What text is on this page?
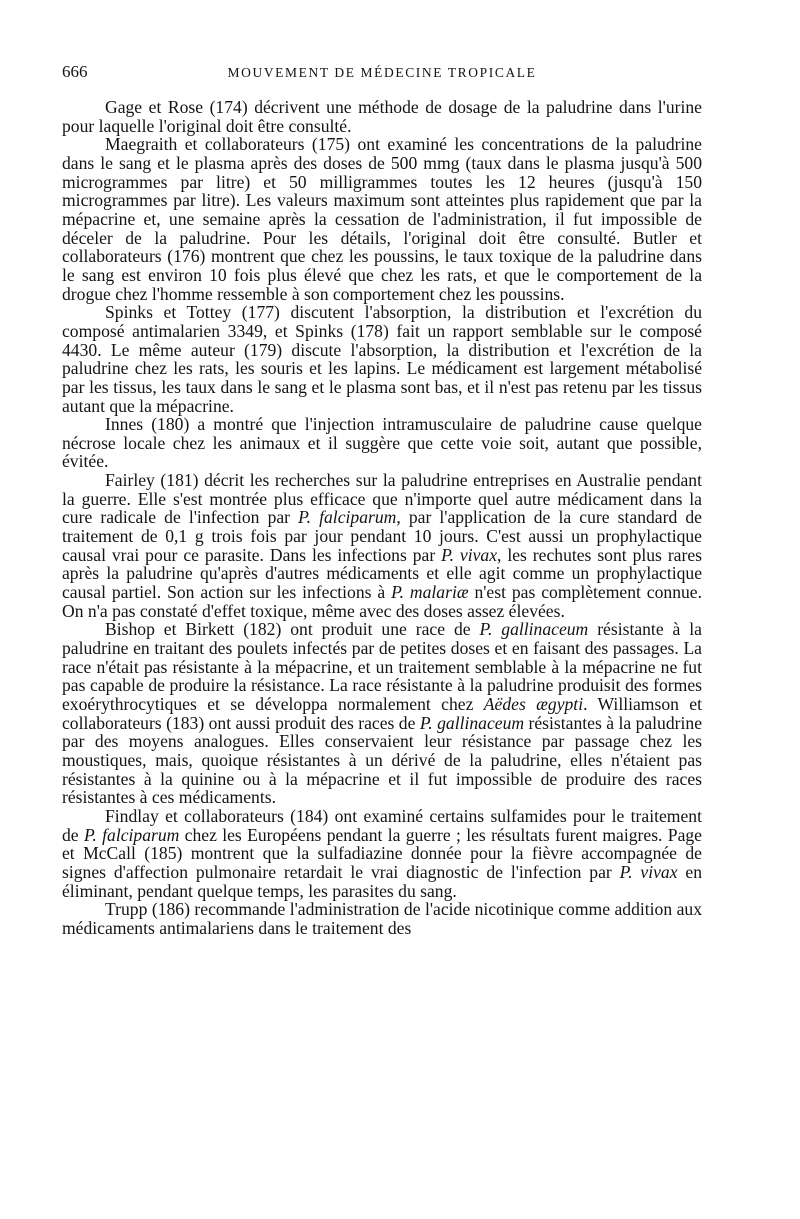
666	MOUVEMENT DE MÉDECINE TROPICALE

Gage et Rose (174) décrivent une méthode de dosage de la paludrine dans l'urine pour laquelle l'original doit être consulté.

Maegraith et collaborateurs (175) ont examiné les concentrations de la paludrine dans le sang et le plasma après des doses de 500 mmg (taux dans le plasma jusqu'à 500 microgrammes par litre) et 50 milligrammes toutes les 12 heures (jusqu'à 150 microgrammes par litre). Les valeurs maximum sont atteintes plus rapidement que par la mépacrine et, une semaine après la cessation de l'administration, il fut impossible de déceler de la paludrine. Pour les détails, l'original doit être consulté. Butler et collaborateurs (176) montrent que chez les poussins, le taux toxique de la paludrine dans le sang est environ 10 fois plus élevé que chez les rats, et que le comportement de la drogue chez l'homme ressemble à son comportement chez les poussins.

Spinks et Tottey (177) discutent l'absorption, la distribution et l'excrétion du composé antimalarien 3349, et Spinks (178) fait un rapport semblable sur le composé 4430. Le même auteur (179) discute l'absorption, la distribution et l'excrétion de la paludrine chez les rats, les souris et les lapins. Le médicament est largement métabolisé par les tissus, les taux dans le sang et le plasma sont bas, et il n'est pas retenu par les tissus autant que la mépacrine.

Innes (180) a montré que l'injection intramusculaire de paludrine cause quelque nécrose locale chez les animaux et il suggère que cette voie soit, autant que possible, évitée.

Fairley (181) décrit les recherches sur la paludrine entreprises en Australie pendant la guerre. Elle s'est montrée plus efficace que n'importe quel autre médicament dans la cure radicale de l'infection par P. falciparum, par l'application de la cure standard de traitement de 0,1 g trois fois par jour pendant 10 jours. C'est aussi un prophylactique causal vrai pour ce parasite. Dans les infections par P. vivax, les rechutes sont plus rares après la paludrine qu'après d'autres médicaments et elle agit comme un prophylactique causal partiel. Son action sur les infections à P. malariæ n'est pas complètement connue. On n'a pas constaté d'effet toxique, même avec des doses assez élevées.

Bishop et Birkett (182) ont produit une race de P. gallinaceum résistante à la paludrine en traitant des poulets infectés par de petites doses et en faisant des passages. La race n'était pas résistante à la mépacrine, et un traitement semblable à la mépacrine ne fut pas capable de produire la résistance. La race résistante à la paludrine produisit des formes exoérythrocytiques et se développa normalement chez Aëdes ægypti. Williamson et collaborateurs (183) ont aussi produit des races de P. gallinaceum résistantes à la paludrine par des moyens analogues. Elles conservaient leur résistance par passage chez les moustiques, mais, quoique résistantes à un dérivé de la paludrine, elles n'étaient pas résistantes à la quinine ou à la mépacrine et il fut impossible de produire des races résistantes à ces médicaments.

Findlay et collaborateurs (184) ont examiné certains sulfamides pour le traitement de P. falciparum chez les Européens pendant la guerre ; les résultats furent maigres. Page et McCall (185) montrent que la sulfadiazine donnée pour la fièvre accompagnée de signes d'affection pulmonaire retardait le vrai diagnostic de l'infection par P. vivax en éliminant, pendant quelque temps, les parasites du sang.

Trupp (186) recommande l'administration de l'acide nicotinique comme addition aux médicaments antimalariens dans le traitement des
